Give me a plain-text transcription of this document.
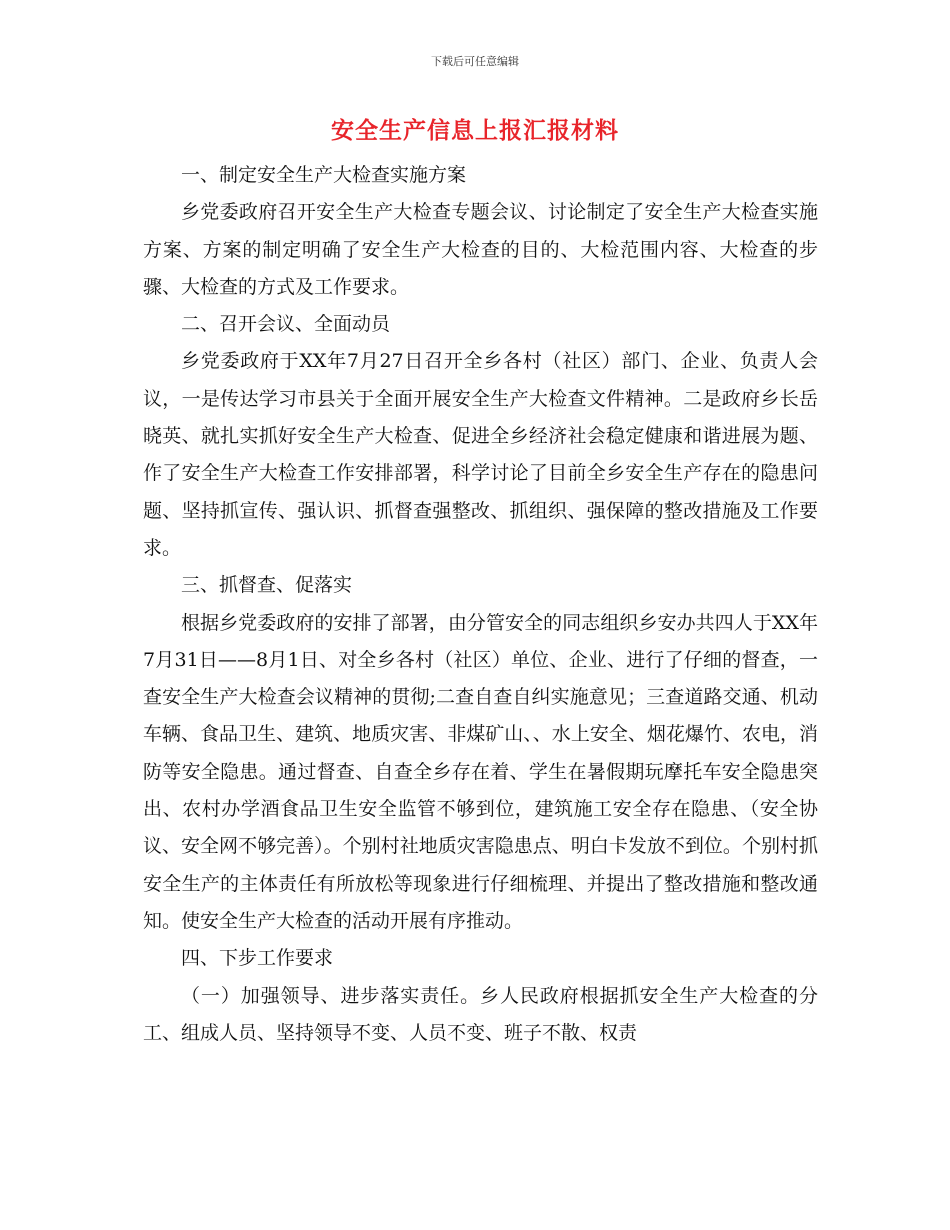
下载后可任意编辑
安全生产信息上报汇报材料

一、制定安全生产大检查实施方案

乡党委政府召开安全生产大检查专题会议、讨论制定了安全生产大检查实施方案、方案的制定明确了安全生产大检查的目的、大检范围内容、大检查的步骤、大检查的方式及工作要求。

二、召开会议、全面动员

乡党委政府于XX年7月27日召开全乡各村（社区）部门、企业、负责人会议，一是传达学习市县关于全面开展安全生产大检查文件精神。二是政府乡长岳晓英、就扎实抓好安全生产大检查、促进全乡经济社会稳定健康和谐进展为题、作了安全生产大检查工作安排部署，科学讨论了目前全乡安全生产存在的隐患问题、坚持抓宣传、强认识、抓督查强整改、抓组织、强保障的整改措施及工作要求。

三、抓督查、促落实

根据乡党委政府的安排了部署，由分管安全的同志组织乡安办共四人于XX年7月31日——8月1日、对全乡各村（社区）单位、企业、进行了仔细的督查，一查安全生产大检查会议精神的贯彻;二查自查自纠实施意见；三查道路交通、机动车辆、食品卫生、建筑、地质灾害、非煤矿山、、水上安全、烟花爆竹、农电，消防等安全隐患。通过督查、自查全乡存在着、学生在暑假期玩摩托车安全隐患突出、农村办学酒食品卫生安全监管不够到位，建筑施工安全存在隐患、（安全协议、安全网不够完善）。个别村社地质灾害隐患点、明白卡发放不到位。个别村抓安全生产的主体责任有所放松等现象进行仔细梳理、并提出了整改措施和整改通知。使安全生产大检查的活动开展有序推动。

四、下步工作要求

（一）加强领导、进步落实责任。乡人民政府根据抓安全生产大检查的分工、组成人员、坚持领导不变、人员不变、班子不散、权责
